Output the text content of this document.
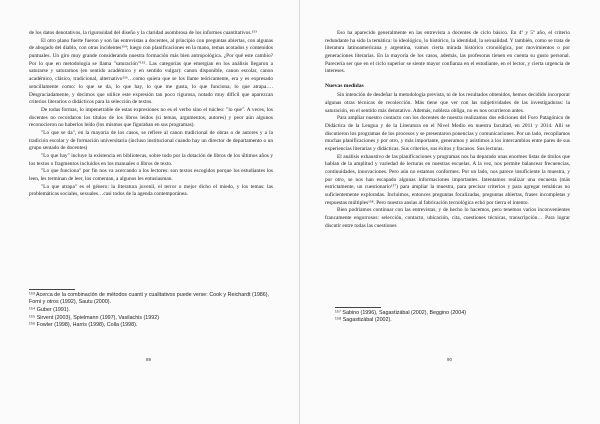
de los datos denotativos, la rigurosidad del diseño y la claridad asombrosa de los informes cuantitativos.¹⁵³

El otro plano fuerte fueron y son las entrevistas a docentes, al principio con preguntas abiertas, con algunas de abogado del diablo, con otras incidentes¹⁵⁴; luego con planificaciones en la mano, temas acotados y contenidos puntuales. Un giro muy grande considerando nuestra formación más bien antropológica. ¿Por qué este cambio? Por lo que en metodología se llama "saturación"¹⁵⁵. Las categorías que emergían en los análisis llegaron a saturarse y saturarnos (en sentido académico y en sentido vulgar): canon disponible, canon escolar, canon académico, clásico, tradicional, alternativo¹⁵⁶…como quiera que se los llame teóricamente, era y es expresado sencillamente como: lo que se da, lo que hay, lo que me gusta, lo que funciona, lo que atrapa…. Desgraciadamente, y decimos que utilice este expresión tan poco rigurosa, notado muy difícil que aparezcan criterios literarios o didácticos para la selección de textos.

De todas formas, lo impenetrable de estas expresiones no es el verbo sino el núcleo: "lo que". A veces, los docentes no recordaron los títulos de los libros leídos (si temas, argumentos, autores) y peor aún algunos reconocieron no haberlos leído (los mismos que figuraban en sus programas).

"Lo que se da", en la mayoría de los casos, se refiere al canon tradicional de obras o de autores y a la tradición escolar y de formación universitaria (incluso institucional cuando hay un director de departamento o un grupo sentado de docentes)

"Lo que hay" incluye la existencia en bibliotecas, sobre todo por la dotación de libros de los últimos años y los textos o fragmentos incluidos en los manuales o libros de texto.

"Lo que funciona" por fin nos va acercando a los lectores: son textos escogidos porque los estudiantes los leen, les terminan de leer, los comentan, a algunos les entusiasman.

"Lo que atrapa" es el género: la literatura juvenil, el terror o mejor dicho el miedo, y los temas: las problemáticas sociales, sexuales…casi todos de la agenda contemporánea.

¹⁵³ Acerca de la combinación de métodos cuanti y cualitativos puede verse: Cook y Reichardt (1986), Forni y otros (1992), Sautu (2000).

¹⁵⁴ Guber (1991).

¹⁵⁵ Sirvent (2003), Spielmann (1997), Vasilachis (1992)

¹⁵⁶ Fowler (1998), Harris (1998), Colla (1998).

89

Eso ha aparecido generalmente en las entrevista a docentes de ciclo básico. En 4º y 5º año, el criterio redundante ha sido la temática: lo ideológico, lo histórico, la identidad, la sexualidad. Y también, como se trata de literatura latinoamericana y argentina, vamos cierta mirada histórico cronológica, por movimientos o por generaciones literarias. En la mayoría de los casos, además, las profesoras tienen en cuenta su gusto personal. Parecería ser que en el ciclo superior se siente mayor confianza en el estudiante, en el lector, y cierta urgencia de intereses.

Nuevas medidas

Sin intención de desdeñar la metodología prevista, ni de los resultados obtenidos, hemos decidido incorporar algunas otras técnicas de recolección. Más tiene que ver con las subjetividades de las investigadoras: la saturación, en el sentido más denotativo. Además, nobleza obliga, no es nos ocurrieron antes.

Para ampliar nuestro contacto con los docentes de nuestra realizamos dos ediciones del Foro Patagónico de Didáctica de la Lengua y de la Literatura en el Nivel Medio en nuestra facultad, en 2011 y 2014. Allí se discutieron los programas de los procesos y se presentaron ponencias y comunicaciones. Por un lado, recopilamos muchas planificaciones y por otro, y más importante, generamos y asistimos a los intercambios entre pares de sus experiencias literarias y didácticas. Sus criterios, sus éxitos y fracasos. Sus lecturas.

El análisis exhaustivo de las planificaciones y programas nos ha deparado unas enormes listas de títulos que hablan de la amplitud y variedad de lecturas en nuestras escuelas. A la vez, nos permite balancear frecuencias, continuidades, innovaciones. Pero aún no estamos conformes. Por un lado, nos parece insuficiente la muestra, y por otro, se nos han escapado algunas informaciones importantes. Intentamos realizar una encuesta (más estrictamente, un cuestionario¹⁵⁷) para ampliar la muestra, para precisar criterios y para agregar temáticas no suficientemente exploradas. Incluimos, entonces preguntas focalizadas, preguntas abiertas, frases incompletas y respuestas múltiples¹⁵⁸. Pero nuestra ansias al fabricación tecnológica echó por tierra el intento.

Bien podríamos continuar con las entrevistas, y de hecho lo hacemos, pero tenemos varios inconvenientes francamente engorrosos: selección, contacto, ubicación, cita, cuestiones técnicas, transcripción… Para lograr discutir entre todas las cuestiones

¹⁵⁷ Sabino (1996), Sagastizábal (2002), Beggino (2004)

¹⁵⁸ Sagastizábal (2002).

90
